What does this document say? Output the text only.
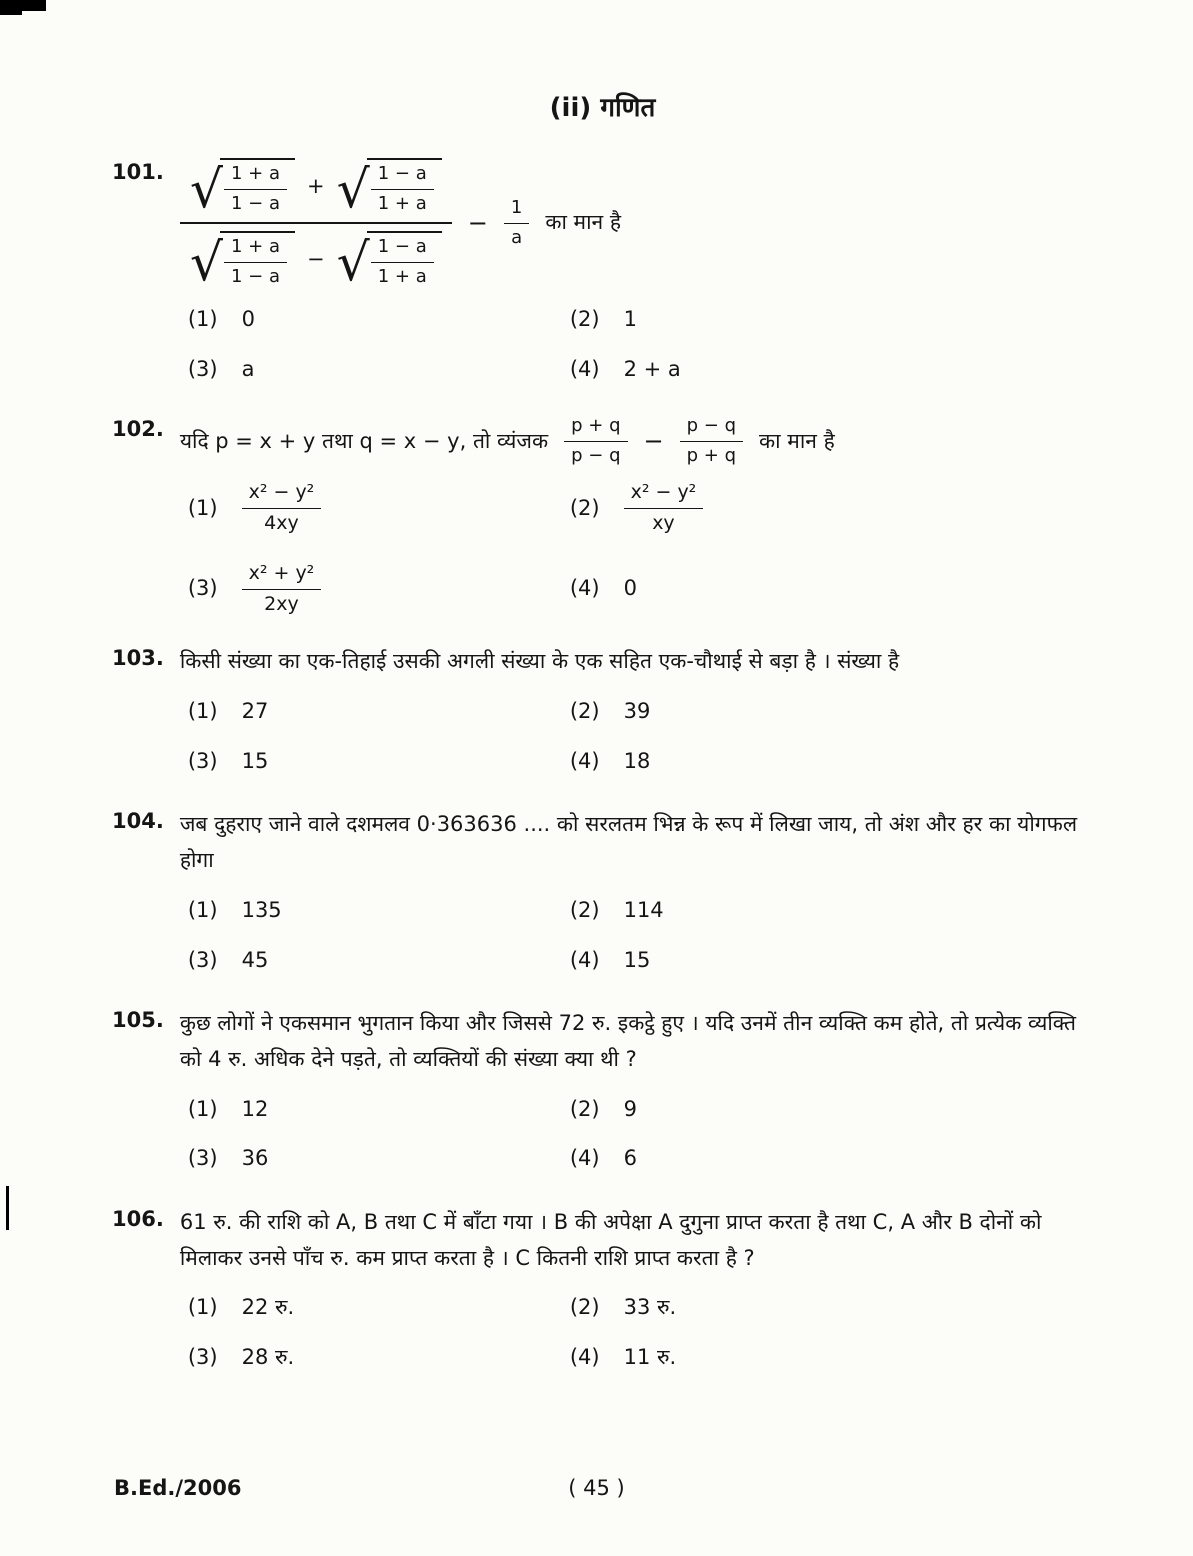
(ii) गणित
101. √ $\frac{1 + a}{1 - a}$ + √ $\frac{1 - a}{1 + a}$
√ $\frac{1 + a}{1 - a}$ − √ $\frac{1 - a}{1 + a}$
− $\frac{1}{a}$ का मान है
(1) 0	(2) 1
(3) a	(4) 2 + a
102. यदि p = x + y तथा q = x − y, तो व्यंजक $\frac{p + q}{p - q} - \frac{p - q}{p + q}$ का मान है
$(1) \frac{\text{x² − y²}}{4xy}$	$(2) \frac{\text{x² − y²}}{xy}$
$(3) \frac{\text{x² + y²}}{2xy}$	(4) 0
103. किसी संख्या का एक-तिहाई उसकी अगली संख्या के एक सहित एक-चौथाई से बड़ा है । संख्या है
(1) 27	(2) 39
(3) 15	(4) 18
104. जब दुहराए जाने वाले दशमलव 0·363636 .... को सरलतम भिन्न के रूप में लिखा जाय, तो अंश और हर का योगफल होगा
(1) 135	(2) 114
(3) 45	(4) 15
105. कुछ लोगों ने एकसमान भुगतान किया और जिससे 72 रु. इकट्ठे हुए । यदि उनमें तीन व्यक्ति कम होते, तो प्रत्येक व्यक्ति को 4 रु. अधिक देने पड़ते, तो व्यक्तियों की संख्या क्या थी ?
(1) 12	(2) 9
(3) 36	(4) 6
106. 61 रु. की राशि को A, B तथा C में बाँटा गया । B की अपेक्षा A दुगुना प्राप्त करता है तथा C, A और B दोनों को मिलाकर उनसे पाँच रु. कम प्राप्त करता है । C कितनी राशि प्राप्त करता है ?
(1) 22 रु.	(2) 33 रु.
(3) 28 रु.	(4) 11 रु.
B.Ed./2006	( 45 )
